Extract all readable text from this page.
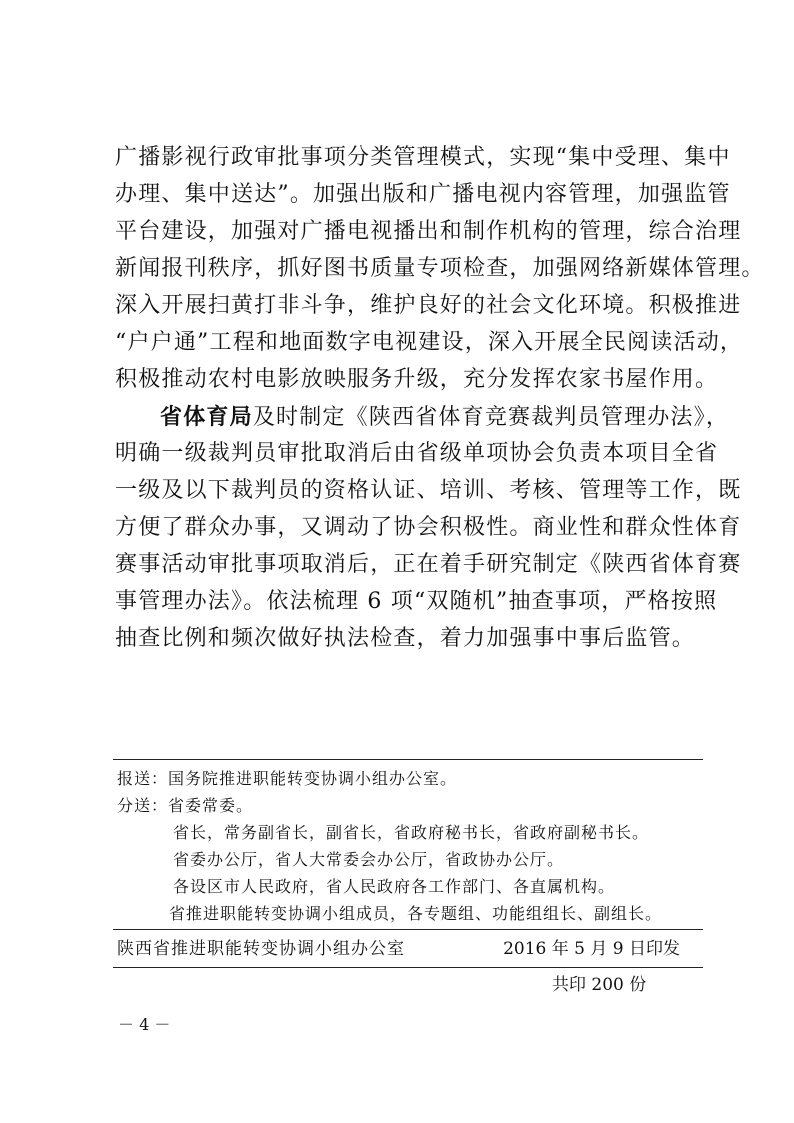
广播影视行政审批事项分类管理模式，实现“集中受理、集中
办理、集中送达”。加强出版和广播电视内容管理，加强监管
平台建设，加强对广播电视播出和制作机构的管理，综合治理
新闻报刊秩序，抓好图书质量专项检查，加强网络新媒体管理。
深入开展扫黄打非斗争，维护良好的社会文化环境。积极推进
“户户通”工程和地面数字电视建设，深入开展全民阅读活动，
积极推动农村电影放映服务升级，充分发挥农家书屋作用。
省体育局及时制定《陕西省体育竞赛裁判员管理办法》，
明确一级裁判员审批取消后由省级单项协会负责本项目全省
一级及以下裁判员的资格认证、培训、考核、管理等工作，既
方便了群众办事，又调动了协会积极性。商业性和群众性体育
赛事活动审批事项取消后，正在着手研究制定《陕西省体育赛
事管理办法》。依法梳理 6 项“双随机”抽查事项，严格按照
抽查比例和频次做好执法检查，着力加强事中事后监管。
报送：国务院推进职能转变协调小组办公室。
分送：省委常委。
省长，常务副省长，副省长，省政府秘书长，省政府副秘书长。
省委办公厅，省人大常委会办公厅，省政协办公厅。
各设区市人民政府，省人民政府各工作部门、各直属机构。
省推进职能转变协调小组成员，各专题组、功能组组长、副组长。
陕西省推进职能转变协调小组办公室	2016 年 5 月 9 日印发
共印 200 份
－ 4 －
